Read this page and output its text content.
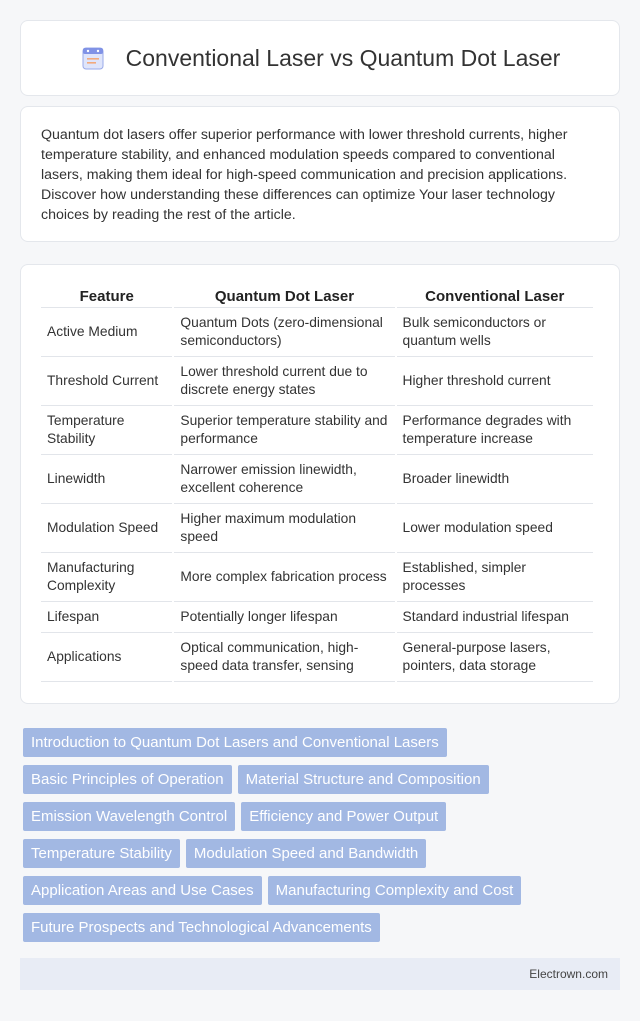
Conventional Laser vs Quantum Dot Laser

Quantum dot lasers offer superior performance with lower threshold currents, higher temperature stability, and enhanced modulation speeds compared to conventional lasers, making them ideal for high-speed communication and precision applications. Discover how understanding these differences can optimize Your laser technology choices by reading the rest of the article.

Feature	Quantum Dot Laser	Conventional Laser
Active Medium	Quantum Dots (zero-dimensional semiconductors)	Bulk semiconductors or quantum wells
Threshold Current	Lower threshold current due to discrete energy states	Higher threshold current
Temperature Stability	Superior temperature stability and performance	Performance degrades with temperature increase
Linewidth	Narrower emission linewidth, excellent coherence	Broader linewidth
Modulation Speed	Higher maximum modulation speed	Lower modulation speed
Manufacturing Complexity	More complex fabrication process	Established, simpler processes
Lifespan	Potentially longer lifespan	Standard industrial lifespan
Applications	Optical communication, high-speed data transfer, sensing	General-purpose lasers, pointers, data storage
Introduction to Quantum Dot Lasers and Conventional Lasers
Basic Principles of Operation	Material Structure and Composition
Emission Wavelength Control	Efficiency and Power Output
Temperature Stability	Modulation Speed and Bandwidth
Application Areas and Use Cases	Manufacturing Complexity and Cost
Future Prospects and Technological Advancements
Electrown.com
